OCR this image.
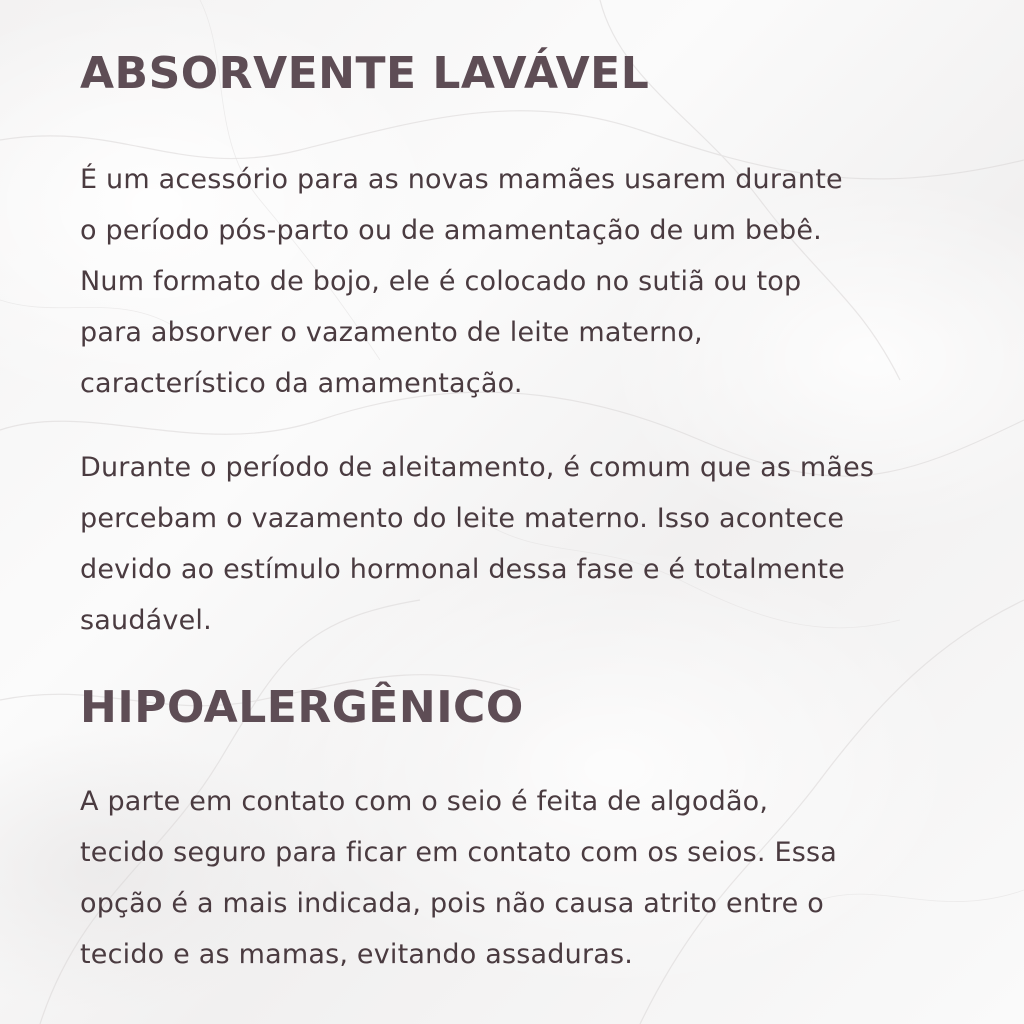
ABSORVENTE LAVÁVEL

É um acessório para as novas mamães usarem durante
o período pós-parto ou de amamentação de um bebê.
Num formato de bojo, ele é colocado no sutiã ou top
para absorver o vazamento de leite materno,
característico da amamentação.

Durante o período de aleitamento, é comum que as mães
percebam o vazamento do leite materno. Isso acontece
devido ao estímulo hormonal dessa fase e é totalmente
saudável.

HIPOALERGÊNICO

A parte em contato com o seio é feita de algodão,
tecido seguro para ficar em contato com os seios. Essa
opção é a mais indicada, pois não causa atrito entre o
tecido e as mamas, evitando assaduras.
